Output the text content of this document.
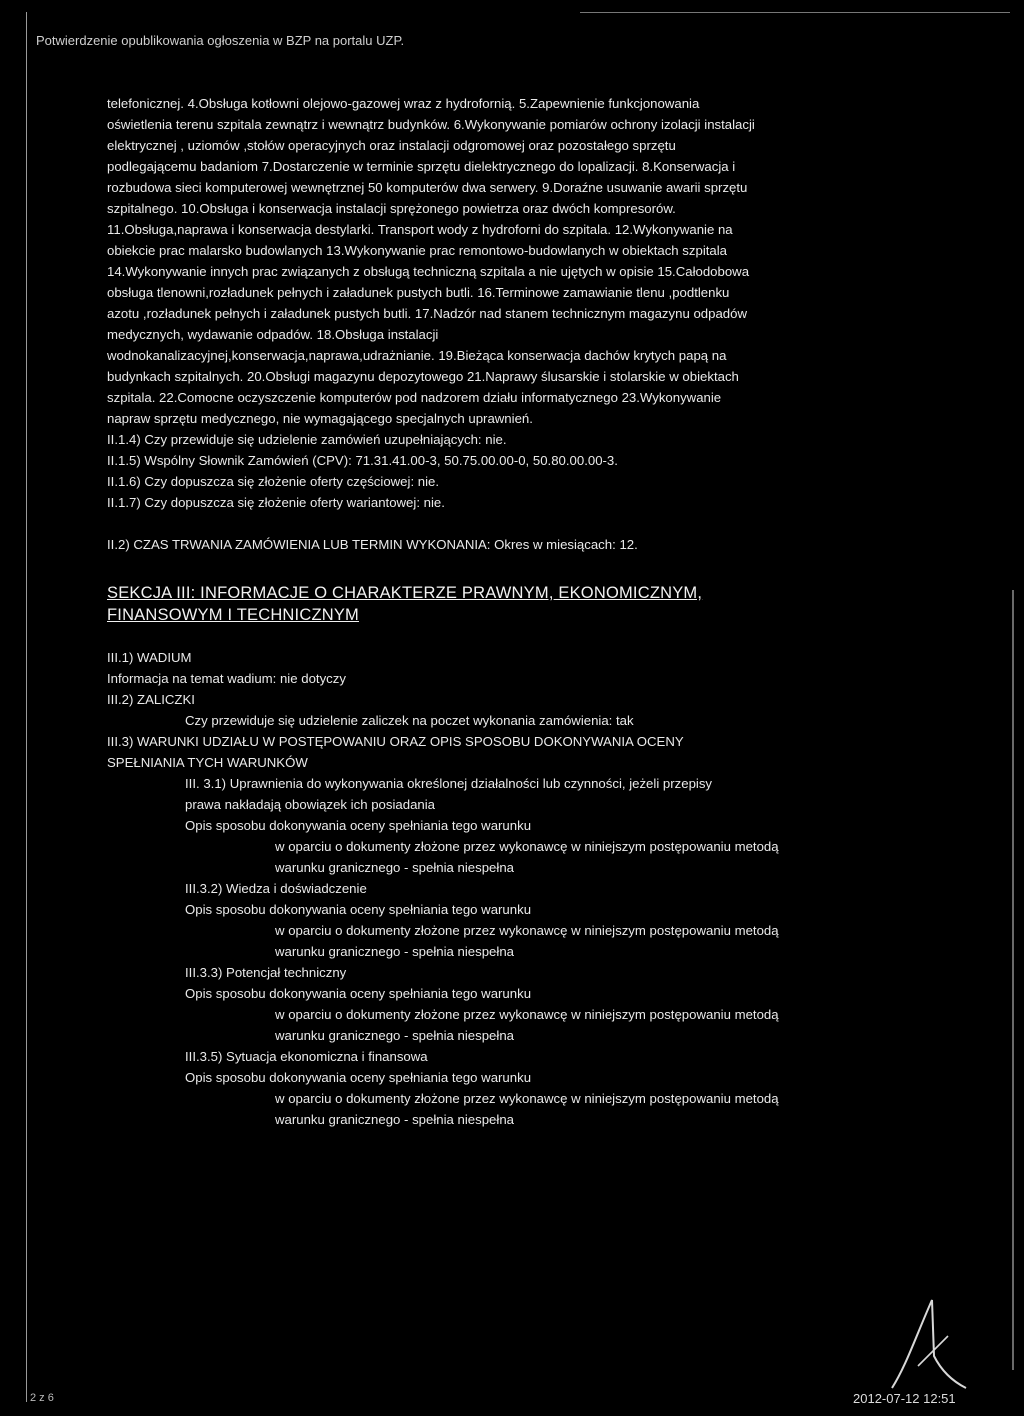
Potwierdzenie opublikowania ogłoszenia w BZP na portalu UZP.

telefonicznej. 4.Obsługa kotłowni olejowo-gazowej wraz z hydrofornią. 5.Zapewnienie funkcjonowania

oświetlenia terenu szpitala zewnątrz i wewnątrz budynków. 6.Wykonywanie pomiarów ochrony izolacji instalacji

elektrycznej , uziomów ,stołów operacyjnych oraz instalacji odgromowej oraz pozostałego sprzętu

podlegającemu badaniom 7.Dostarczenie w terminie sprzętu dielektrycznego do lopalizacji. 8.Konserwacja i

rozbudowa sieci komputerowej wewnętrznej 50 komputerów dwa serwery. 9.Doraźne usuwanie awarii sprzętu

szpitalnego. 10.Obsługa i konserwacja instalacji sprężonego powietrza oraz dwóch kompresorów.

11.Obsługa,naprawa i konserwacja destylarki. Transport wody z hydroforni do szpitala. 12.Wykonywanie na

obiekcie prac malarsko budowlanych 13.Wykonywanie prac remontowo-budowlanych w obiektach szpitala

14.Wykonywanie innych prac związanych z obsługą techniczną szpitala a nie ujętych w opisie 15.Całodobowa

obsługa tlenowni,rozładunek pełnych i załadunek pustych butli. 16.Terminowe zamawianie tlenu ,podtlenku

azotu ,rozładunek pełnych i załadunek pustych butli. 17.Nadzór nad stanem technicznym magazynu odpadów

medycznych, wydawanie odpadów. 18.Obsługa instalacji

wodnokanalizacyjnej,konserwacja,naprawa,udrażnianie. 19.Bieżąca konserwacja dachów krytych papą na

budynkach szpitalnych. 20.Obsługi magazynu depozytowego 21.Naprawy ślusarskie i stolarskie w obiektach

szpitala. 22.Comocne oczyszczenie komputerów pod nadzorem działu informatycznego 23.Wykonywanie

napraw sprzętu medycznego, nie wymagającego specjalnych uprawnień.

II.1.4) Czy przewiduje się udzielenie zamówień uzupełniających: nie.

II.1.5) Wspólny Słownik Zamówień (CPV): 71.31.41.00-3, 50.75.00.00-0, 50.80.00.00-3.

II.1.6) Czy dopuszcza się złożenie oferty częściowej: nie.

II.1.7) Czy dopuszcza się złożenie oferty wariantowej: nie.

II.2) CZAS TRWANIA ZAMÓWIENIA LUB TERMIN WYKONANIA: Okres w miesiącach: 12.

SEKCJA III: INFORMACJE O CHARAKTERZE PRAWNYM, EKONOMICZNYM,
FINANSOWYM I TECHNICZNYM

III.1) WADIUM

Informacja na temat wadium: nie dotyczy

III.2) ZALICZKI

Czy przewiduje się udzielenie zaliczek na poczet wykonania zamówienia: tak

III.3) WARUNKI UDZIAŁU W POSTĘPOWANIU ORAZ OPIS SPOSOBU DOKONYWANIA OCENY

SPEŁNIANIA TYCH WARUNKÓW

III. 3.1) Uprawnienia do wykonywania określonej działalności lub czynności, jeżeli przepisy

prawa nakładają obowiązek ich posiadania

Opis sposobu dokonywania oceny spełniania tego warunku

w oparciu o dokumenty złożone przez wykonawcę w niniejszym postępowaniu metodą

warunku granicznego - spełnia niespełna

III.3.2) Wiedza i doświadczenie

Opis sposobu dokonywania oceny spełniania tego warunku

w oparciu o dokumenty złożone przez wykonawcę w niniejszym postępowaniu metodą

warunku granicznego - spełnia niespełna

III.3.3) Potencjał techniczny

Opis sposobu dokonywania oceny spełniania tego warunku

w oparciu o dokumenty złożone przez wykonawcę w niniejszym postępowaniu metodą

warunku granicznego - spełnia niespełna

III.3.5) Sytuacja ekonomiczna i finansowa

Opis sposobu dokonywania oceny spełniania tego warunku

w oparciu o dokumenty złożone przez wykonawcę w niniejszym postępowaniu metodą

warunku granicznego - spełnia niespełna

2 z 6	2012-07-12 12:51
